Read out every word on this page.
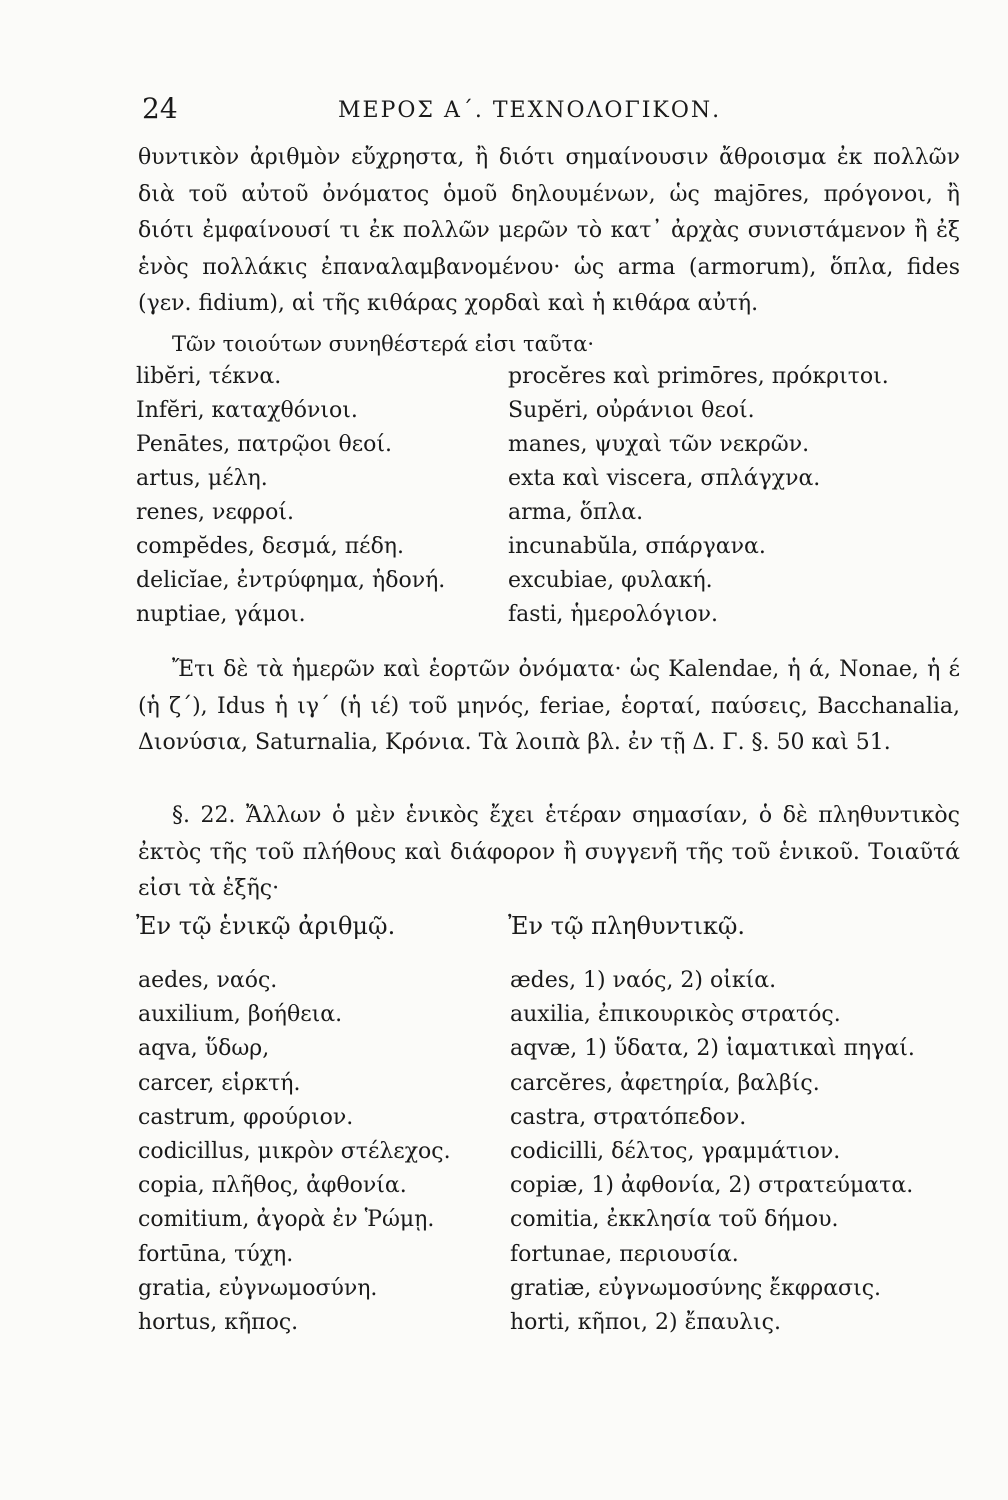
24	ΜΕΡΟΣ Α΄. ΤΕΧΝΟΛΟΓΙΚΟΝ.

θυντικὸν ἀριθμὸν εὔχρηστα, ἢ διότι σημαίνουσιν ἄθροισμα ἐκ πολλῶν διὰ τοῦ αὐτοῦ ὀνόματος ὁμοῦ δηλουμένων, ὡς majōres, πρόγονοι, ἢ διότι ἐμφαίνουσί τι ἐκ πολλῶν μερῶν τὸ κατ᾽ ἀρχὰς συνιστάμενον ἢ ἐξ ἑνὸς πολλάκις ἐπαναλαμβανομένου· ὡς arma (armorum), ὅπλα, fides (γεν. fidium), αἱ τῆς κιθάρας χορδαὶ καὶ ἡ κιθάρα αὐτή.

Τῶν τοιούτων συνηθέστερά εἰσι ταῦτα·

libĕri, τέκνα.	procĕres καὶ primōres, πρόκριτοι.
Infĕri, καταχθόνιοι.	Supĕri, οὐράνιοι θεοί.
Penātes, πατρῷοι θεοί.	manes, ψυχαὶ τῶν νεκρῶν.
artus, μέλη.	exta καὶ viscera, σπλάγχνα.
renes, νεφροί.	arma, ὅπλα.
compĕdes, δεσμά, πέδη.	incunabŭla, σπάργανα.
delicĭae, ἐντρύφημα, ἡδονή.	excubiae, φυλακή.
nuptiae, γάμοι.	fasti, ἡμερολόγιον.

Ἔτι δὲ τὰ ἡμερῶν καὶ ἑορτῶν ὀνόματα· ὡς Kalendae, ἡ ά, Nonae, ἡ έ (ἡ ζ΄), Idus ἡ ιγ΄ (ἡ ιέ) τοῦ μηνός, feriae, ἑορταί, παύσεις, Bacchanalia, Διονύσια, Saturnalia, Κρόνια. Τὰ λοιπὰ βλ. ἐν τῇ Δ. Γ. §. 50 καὶ 51.

§. 22. Ἄλλων ὁ μὲν ἑνικὸς ἔχει ἑτέραν σημασίαν, ὁ δὲ πληθυντικὸς ἐκτὸς τῆς τοῦ πλήθους καὶ διάφορον ἢ συγγενῆ τῆς τοῦ ἑνικοῦ. Τοιαῦτά εἰσι τὰ ἑξῆς·

Ἐν τῷ ἑνικῷ ἀριθμῷ.	Ἐν τῷ πληθυντικῷ.
aedes, ναός.	ædes, 1) ναός, 2) οἰκία.
auxilium, βοήθεια.	auxilia, ἐπικουρικὸς στρατός.
aqva, ὕδωρ,	aqvæ, 1) ὕδατα, 2) ἰαματικαὶ πηγαί.
carcer, εἱρκτή.	carcĕres, ἀφετηρία, βαλβίς.
castrum, φρούριον.	castra, στρατόπεδον.
codicillus, μικρὸν στέλεχος.	codicilli, δέλτος, γραμμάτιον.
copia, πλῆθος, ἀφθονία.	copiæ, 1) ἀφθονία, 2) στρατεύματα.
comitium, ἀγορὰ ἐν Ῥώμῃ.	comitia, ἐκκλησία τοῦ δήμου.
fortūna, τύχη.	fortunae, περιουσία.
gratia, εὐγνωμοσύνη.	gratiæ, εὐγνωμοσύνης ἔκφρασις.
hortus, κῆπος.	horti, κῆποι, 2) ἔπαυλις.
